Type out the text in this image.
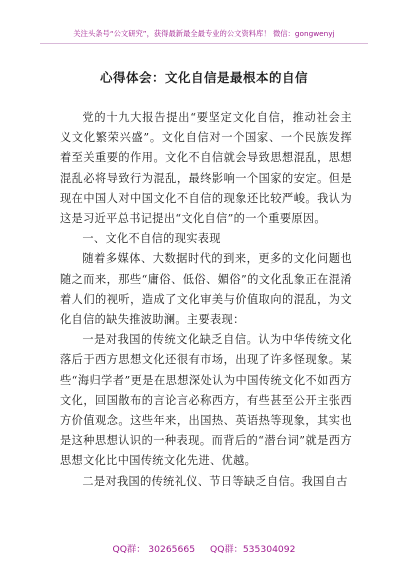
关注头条号“公文研究”，获得最新最全最专业的公文资料库！ 微信：gongwenyj
心得体会：文化自信是最根本的自信

党的十九大报告提出“要坚定文化自信，推动社会主义文化繁荣兴盛”。文化自信对一个国家、一个民族发挥着至关重要的作用。文化不自信就会导致思想混乱，思想混乱必将导致行为混乱，最终影响一个国家的安定。但是现在中国人对中国文化不自信的现象还比较严峻。我认为这是习近平总书记提出“文化自信”的一个重要原因。

一、文化不自信的现实表现

随着多媒体、大数据时代的到来，更多的文化问题也随之而来，那些“庸俗、低俗、媚俗”的文化乱象正在混淆着人们的视听，造成了文化审美与价值取向的混乱，为文化自信的缺失推波助澜。主要表现：

一是对我国的传统文化缺乏自信。认为中华传统文化落后于西方思想文化还很有市场，出现了许多怪现象。某些“海归学者”更是在思想深处认为中国传统文化不如西方文化，回国散布的言论言必称西方，有些甚至公开主张西方价值观念。这些年来，出国热、英语热等现象，其实也是这种思想认识的一种表现。而背后的“潜台词”就是西方思想文化比中国传统文化先进、优越。

二是对我国的传统礼仪、节日等缺乏自信。我国自古

QQ群： 30265665 QQ群：535304092
